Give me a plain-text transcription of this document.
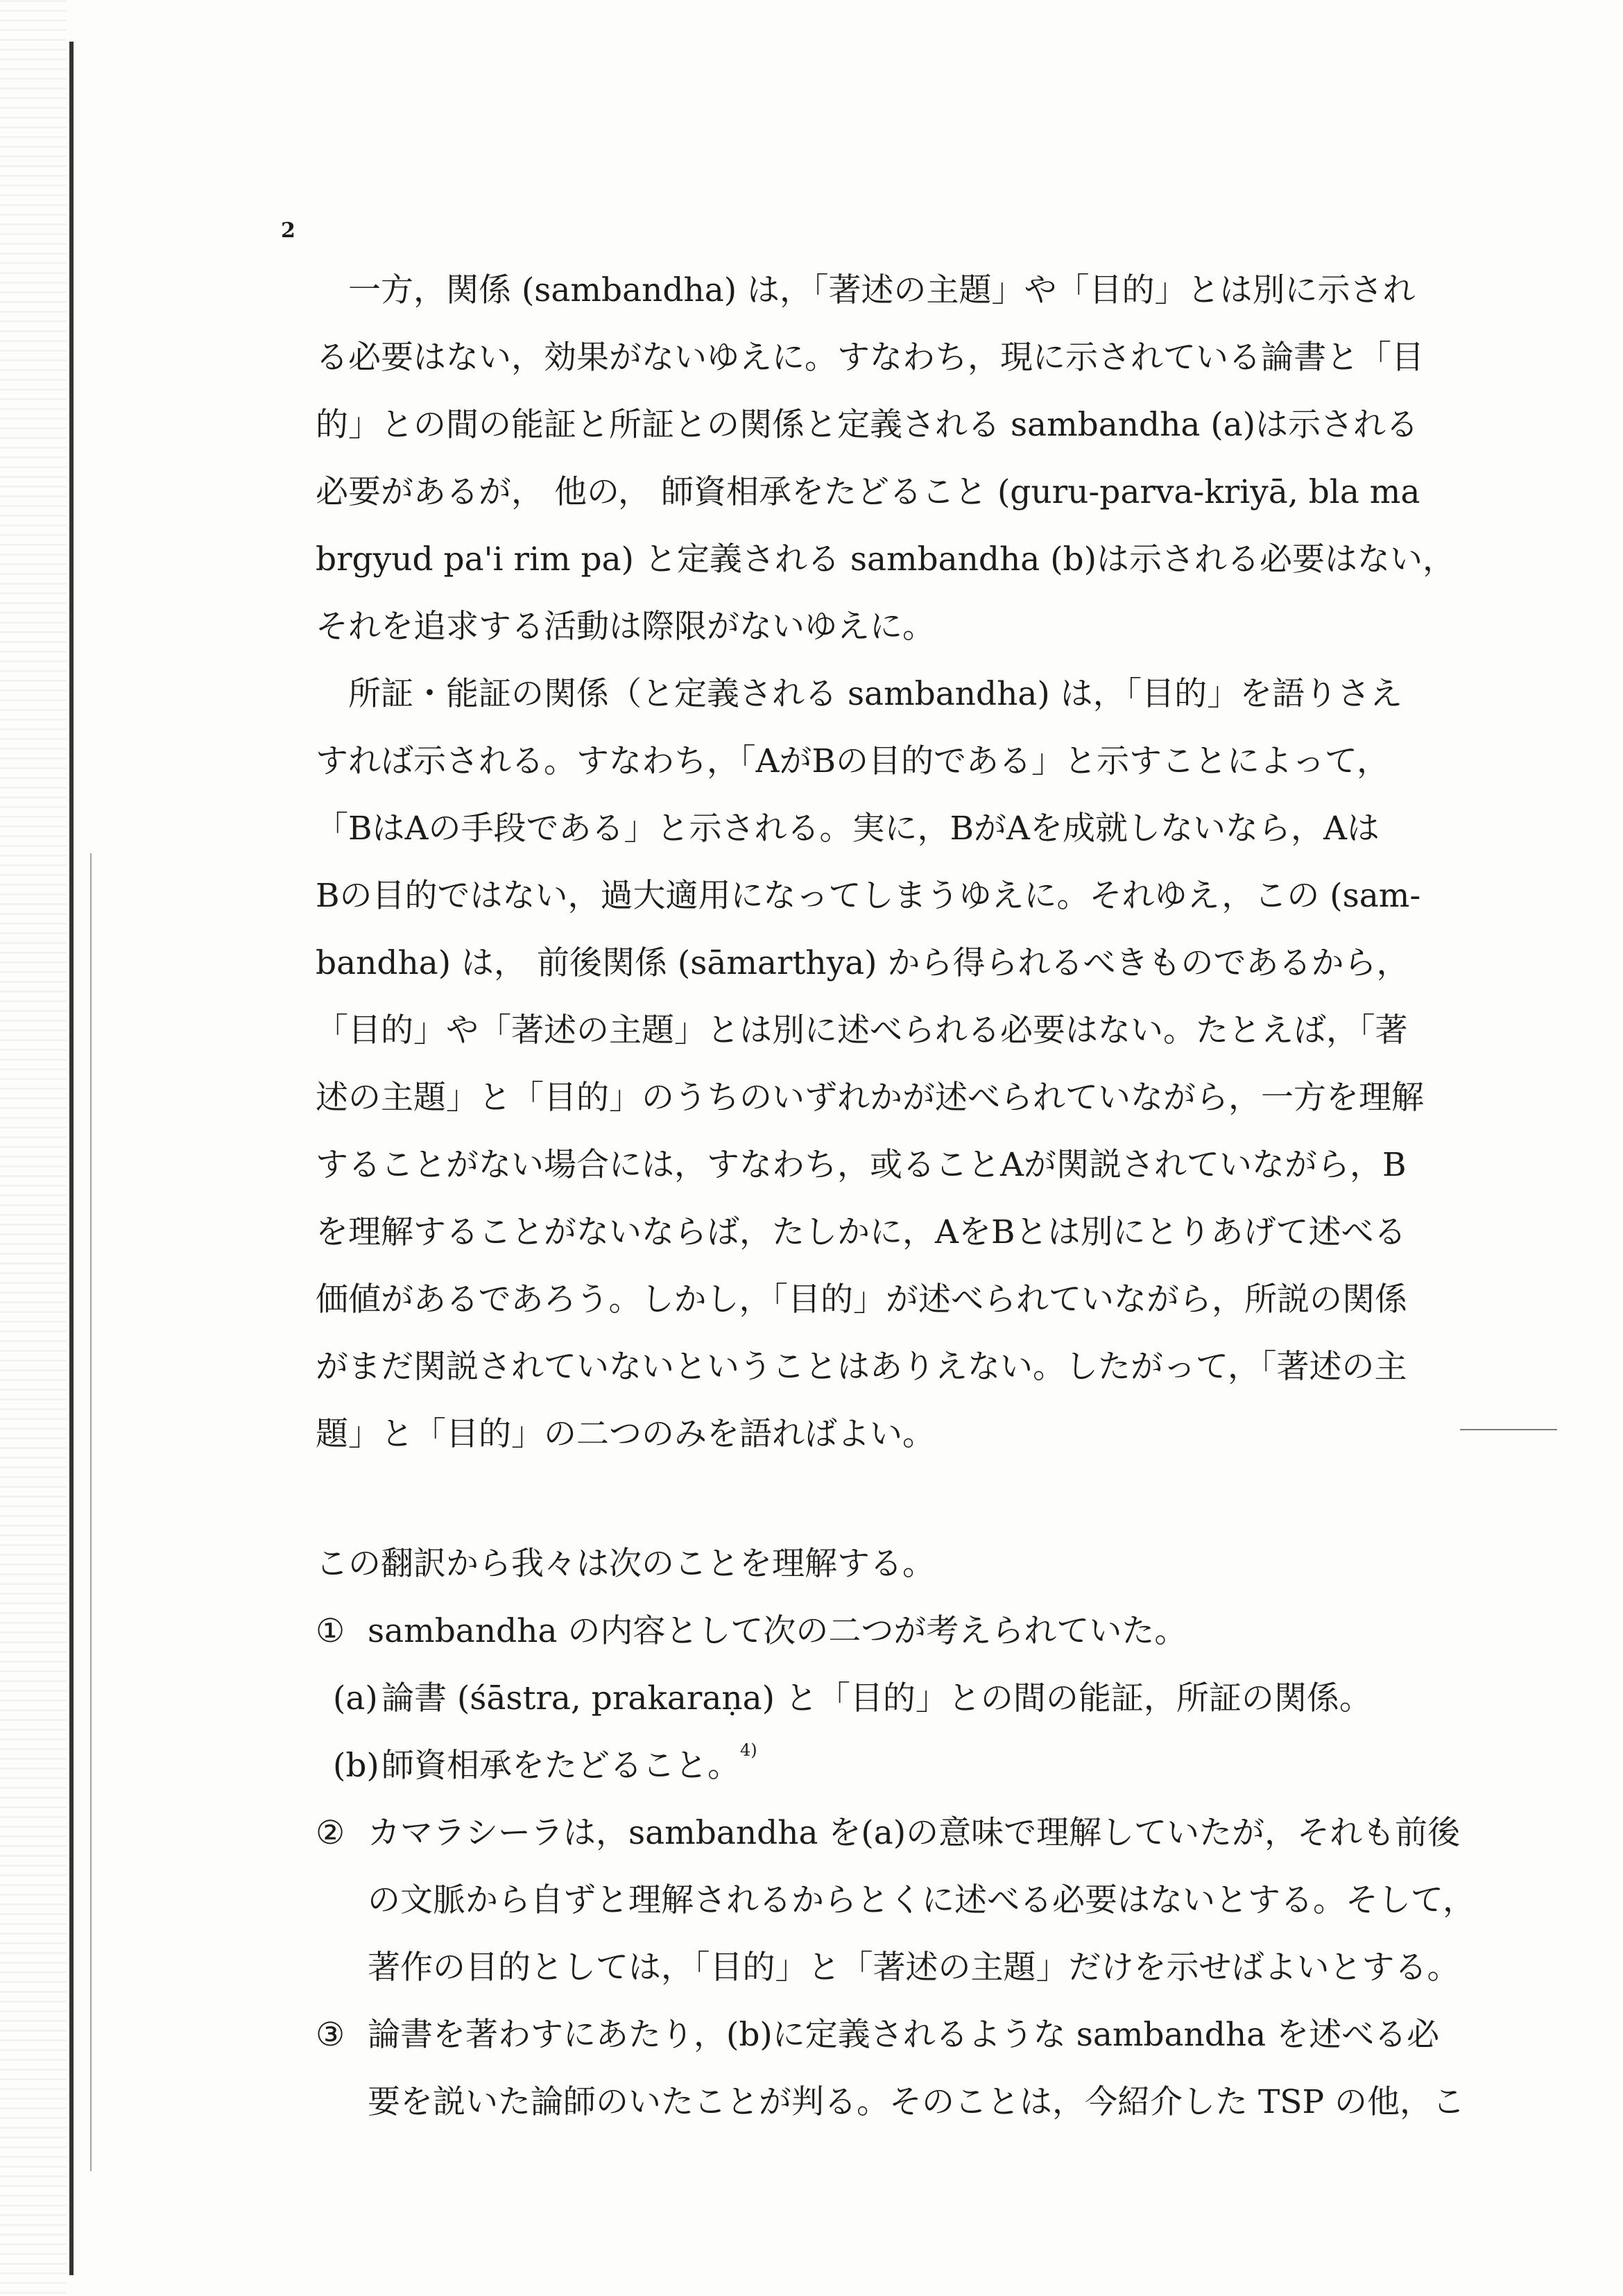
2
一方，関係 (sambandha) は，「著述の主題」や「目的」とは別に示され
る必要はない，効果がないゆえに。すなわち，現に示されている論書と「目
的」との間の能証と所証との関係と定義される sambandha (a)は示される
必要があるが， 他の， 師資相承をたどること (guru-parva-kriyā, bla ma
brgyud pa'i rim pa) と定義される sambandha (b)は示される必要はない，
それを追求する活動は際限がないゆえに。
所証・能証の関係（と定義される sambandha) は，「目的」を語りさえ
すれば示される。すなわち，「AがBの目的である」と示すことによって，
「BはAの手段である」と示される。実に，BがAを成就しないなら，Aは
Bの目的ではない，過大適用になってしまうゆえに。それゆえ，この (sam-
bandha) は， 前後関係 (sāmarthya) から得られるべきものであるから，
「目的」や「著述の主題」とは別に述べられる必要はない。たとえば，「著
述の主題」と「目的」のうちのいずれかが述べられていながら，一方を理解
することがない場合には，すなわち，或ることAが関説されていながら，B
を理解することがないならば，たしかに，AをBとは別にとりあげて述べる
価値があるであろう。しかし，「目的」が述べられていながら，所説の関係
がまだ関説されていないということはありえない。したがって，「著述の主
題」と「目的」の二つのみを語ればよい。
この翻訳から我々は次のことを理解する。
① sambandha の内容として次の二つが考えられていた。
(a) 論書 (śāstra, prakaraṇa) と「目的」との間の能証，所証の関係。
(b)師資相承をたどること。$^{4)}$
② カマラシーラは，sambandha を(a)の意味で理解していたが，それも前後
の文脈から自ずと理解されるからとくに述べる必要はないとする。そして，
著作の目的としては，「目的」と「著述の主題」だけを示せばよいとする。
③ 論書を著わすにあたり，(b)に定義されるような sambandha を述べる必
要を説いた論師のいたことが判る。そのことは，今紹介した TSP の他，こ
